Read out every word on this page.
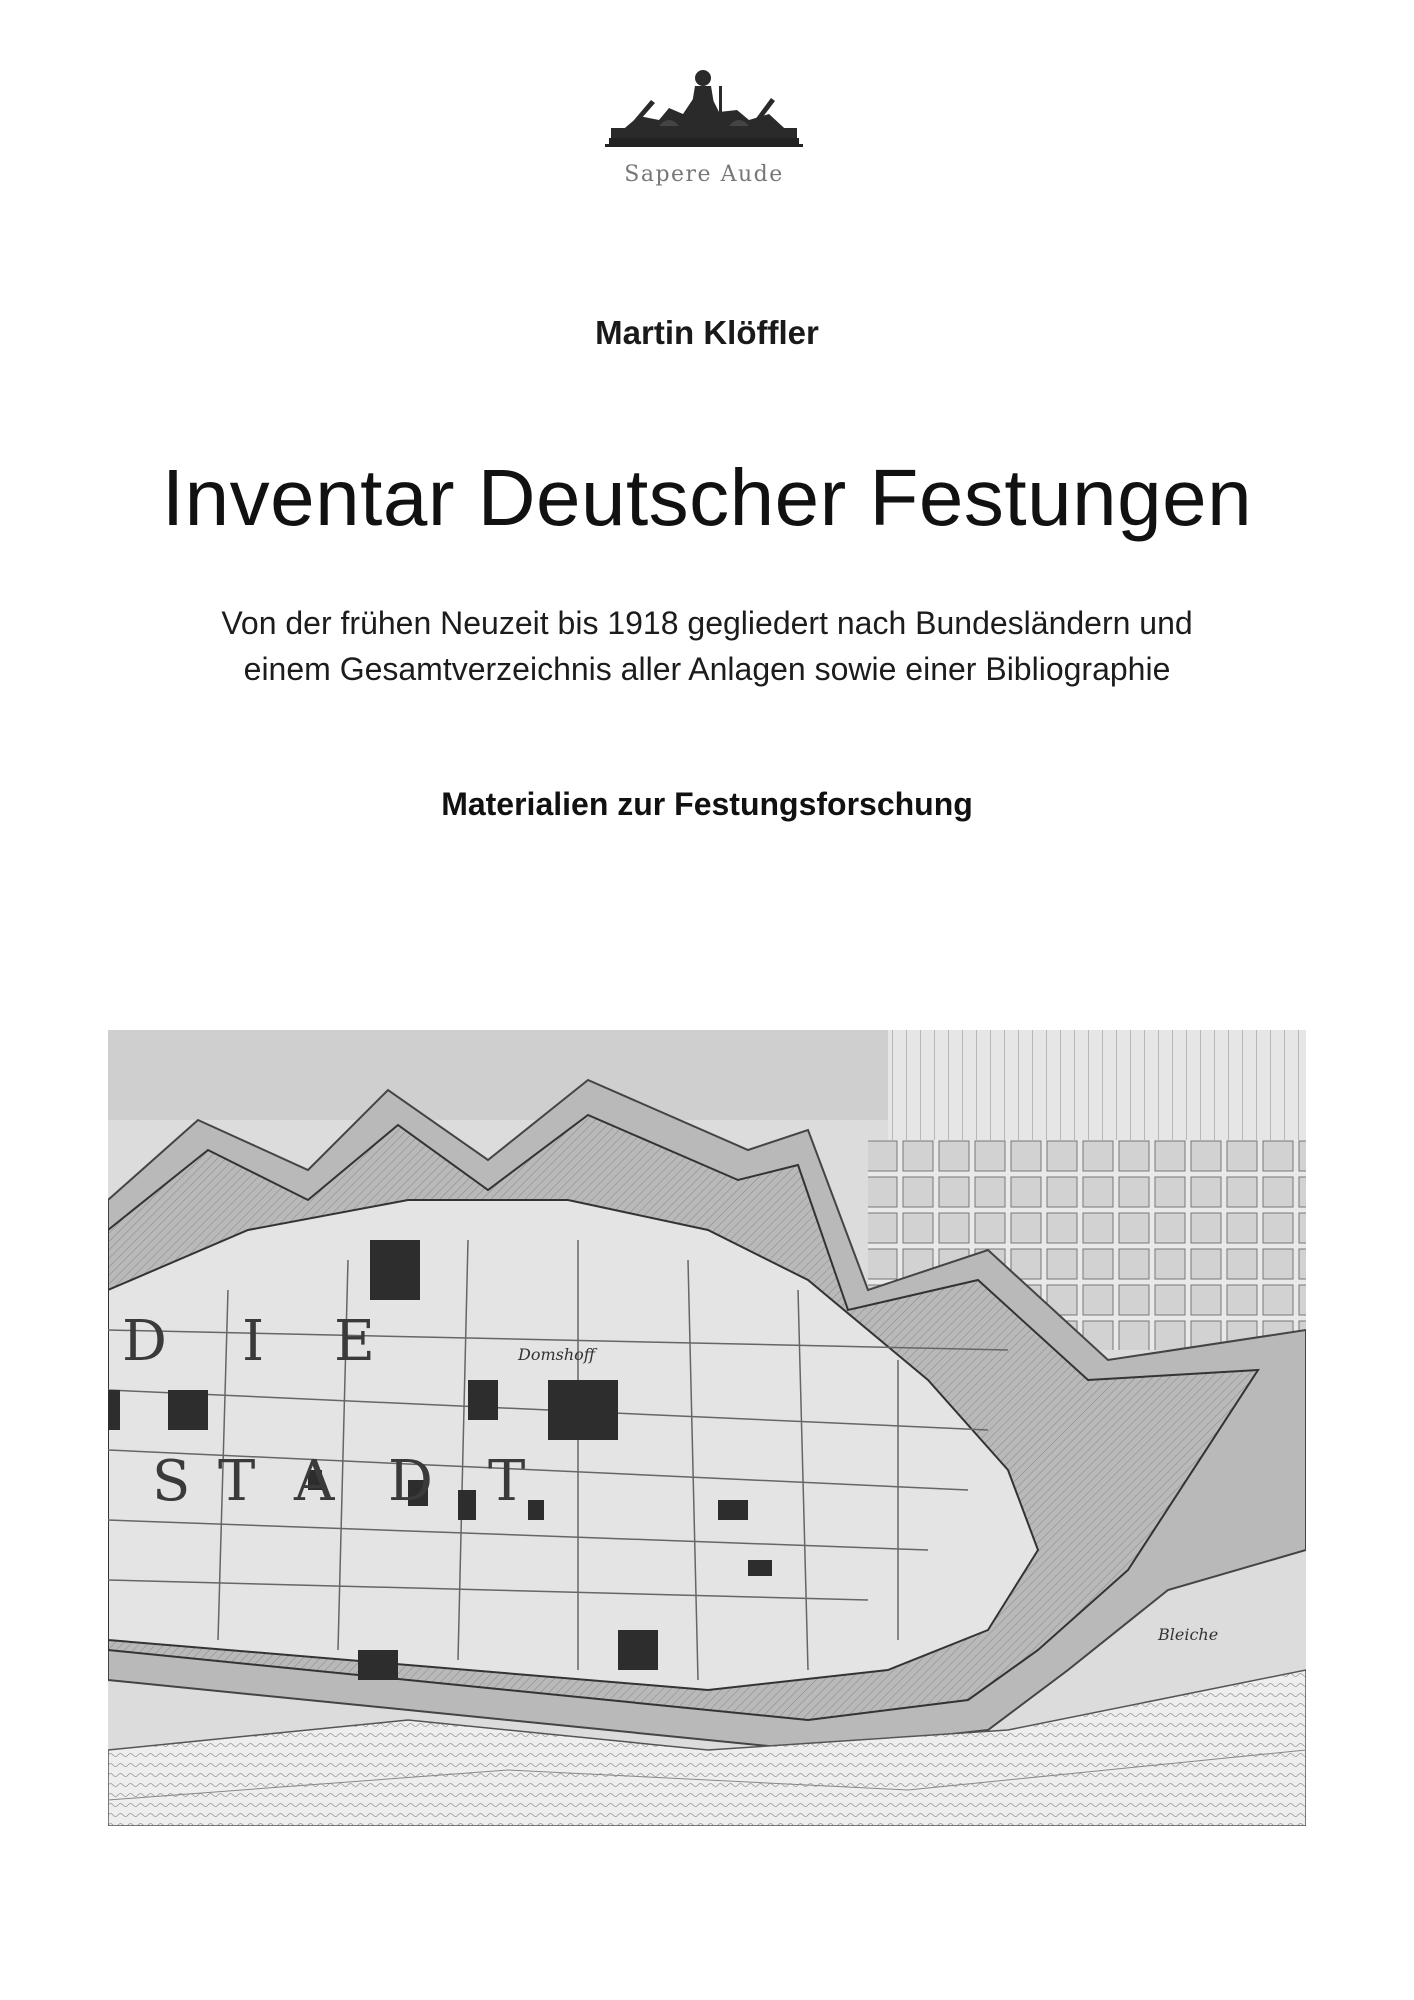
Sapere Aude
Martin Klöffler
Inventar Deutscher Festungen
Von der frühen Neuzeit bis 1918 gegliedert nach Bundesländern und
einem Gesamtverzeichnis aller Anlagen sowie einer Bibliographie
Materialien zur Festungsforschung
D I E
S T A D T
Domshoff
Bleiche
